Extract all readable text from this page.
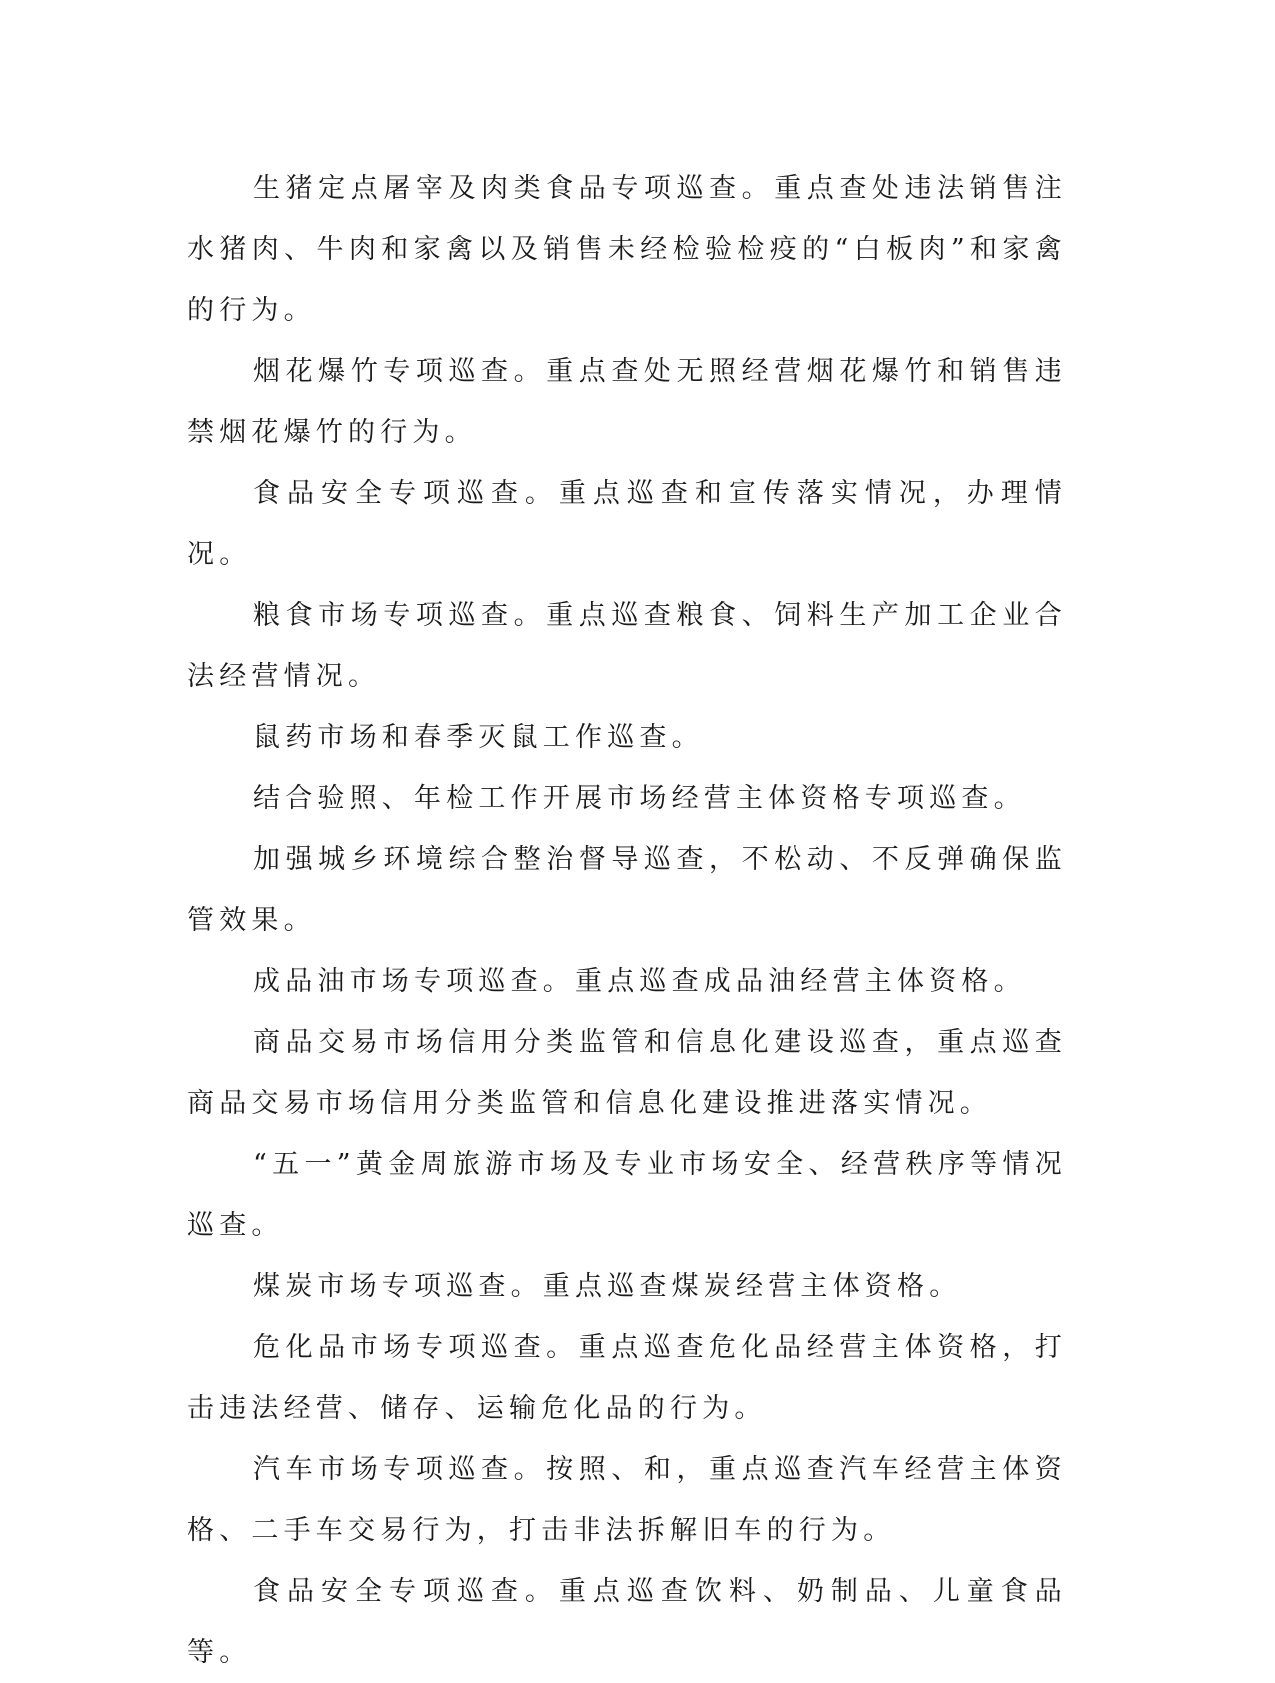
生猪定点屠宰及肉类食品专项巡查。重点查处违法销售注水猪肉、牛肉和家禽以及销售未经检验检疫的“白板肉”和家禽的行为。

烟花爆竹专项巡查。重点查处无照经营烟花爆竹和销售违禁烟花爆竹的行为。

食品安全专项巡查。重点巡查和宣传落实情况，办理情况。

粮食市场专项巡查。重点巡查粮食、饲料生产加工企业合法经营情况。

鼠药市场和春季灭鼠工作巡查。

结合验照、年检工作开展市场经营主体资格专项巡查。

加强城乡环境综合整治督导巡查，不松动、不反弹确保监管效果。

成品油市场专项巡查。重点巡查成品油经营主体资格。

商品交易市场信用分类监管和信息化建设巡查，重点巡查商品交易市场信用分类监管和信息化建设推进落实情况。

“五一”黄金周旅游市场及专业市场安全、经营秩序等情况巡查。

煤炭市场专项巡查。重点巡查煤炭经营主体资格。

危化品市场专项巡查。重点巡查危化品经营主体资格，打击违法经营、储存、运输危化品的行为。

汽车市场专项巡查。按照、和，重点巡查汽车经营主体资格、二手车交易行为，打击非法拆解旧车的行为。

食品安全专项巡查。重点巡查饮料、奶制品、儿童食品等。
